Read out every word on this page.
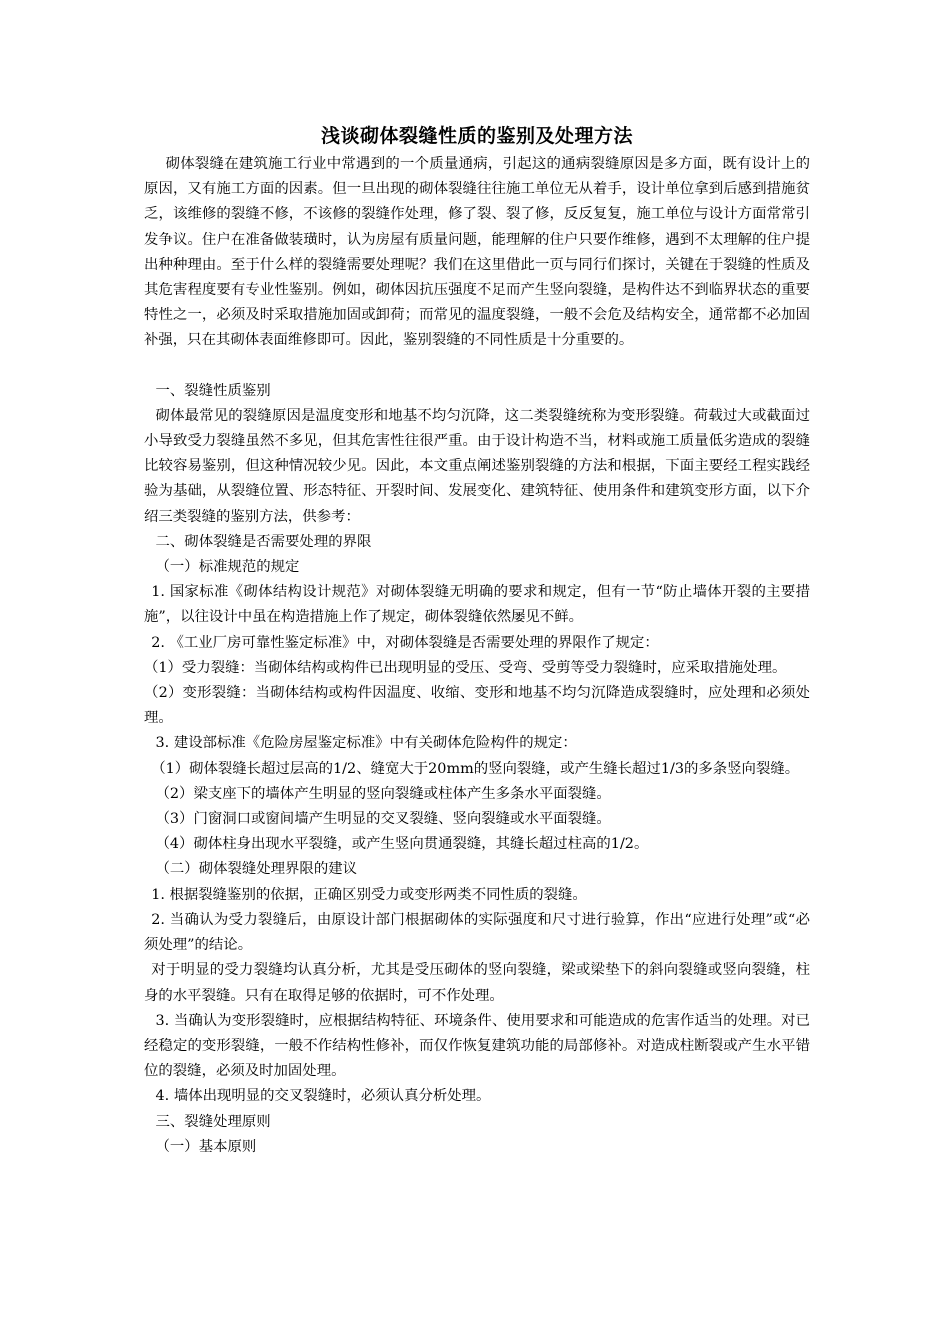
浅谈砌体裂缝性质的鉴别及处理方法

砌体裂缝在建筑施工行业中常遇到的一个质量通病，引起这的通病裂缝原因是多方面，既有设计上的原因，又有施工方面的因素。但一旦出现的砌体裂缝往往施工单位无从着手，设计单位拿到后感到措施贫乏，该维修的裂缝不修，不该修的裂缝作处理，修了裂、裂了修，反反复复，施工单位与设计方面常常引发争议。住户在准备做装璜时，认为房屋有质量问题，能理解的住户只要作维修，遇到不太理解的住户提出种种理由。至于什么样的裂缝需要处理呢？我们在这里借此一页与同行们探讨，关键在于裂缝的性质及其危害程度要有专业性鉴别。例如，砌体因抗压强度不足而产生竖向裂缝，是构件达不到临界状态的重要特性之一，必须及时采取措施加固或卸荷；而常见的温度裂缝，一般不会危及结构安全，通常都不必加固补强，只在其砌体表面维修即可。因此，鉴别裂缝的不同性质是十分重要的。

一、裂缝性质鉴别

砌体最常见的裂缝原因是温度变形和地基不均匀沉降，这二类裂缝统称为变形裂缝。荷载过大或截面过小导致受力裂缝虽然不多见，但其危害性往很严重。由于设计构造不当，材料或施工质量低劣造成的裂缝比较容易鉴别，但这种情况较少见。因此，本文重点阐述鉴别裂缝的方法和根据，下面主要经工程实践经验为基础，从裂缝位置、形态特征、开裂时间、发展变化、建筑特征、使用条件和建筑变形方面，以下介绍三类裂缝的鉴别方法，供参考：

二、砌体裂缝是否需要处理的界限

（一）标准规范的规定

1. 国家标准《砌体结构设计规范》对砌体裂缝无明确的要求和规定，但有一节“防止墙体开裂的主要措施”，以往设计中虽在构造措施上作了规定，砌体裂缝依然屡见不鲜。

2. 《工业厂房可靠性鉴定标准》中，对砌体裂缝是否需要处理的界限作了规定：

（1）受力裂缝：当砌体结构或构件已出现明显的受压、受弯、受剪等受力裂缝时，应采取措施处理。

（2）变形裂缝：当砌体结构或构件因温度、收缩、变形和地基不均匀沉降造成裂缝时，应处理和必须处理。

3. 建设部标准《危险房屋鉴定标准》中有关砌体危险构件的规定：

（1）砌体裂缝长超过层高的1/2、缝宽大于20mm的竖向裂缝，或产生缝长超过1/3的多条竖向裂缝。

（2）梁支座下的墙体产生明显的竖向裂缝或柱体产生多条水平面裂缝。

（3）门窗洞口或窗间墙产生明显的交叉裂缝、竖向裂缝或水平面裂缝。

（4）砌体柱身出现水平裂缝，或产生竖向贯通裂缝，其缝长超过柱高的1/2。

（二）砌体裂缝处理界限的建议

1. 根据裂缝鉴别的依据，正确区别受力或变形两类不同性质的裂缝。

2. 当确认为受力裂缝后，由原设计部门根据砌体的实际强度和尺寸进行验算，作出“应进行处理”或“必须处理”的结论。

对于明显的受力裂缝均认真分析，尤其是受压砌体的竖向裂缝，梁或梁垫下的斜向裂缝或竖向裂缝，柱身的水平裂缝。只有在取得足够的依据时，可不作处理。

3. 当确认为变形裂缝时，应根据结构特征、环境条件、使用要求和可能造成的危害作适当的处理。对已经稳定的变形裂缝，一般不作结构性修补，而仅作恢复建筑功能的局部修补。对造成柱断裂或产生水平错位的裂缝，必须及时加固处理。

4. 墙体出现明显的交叉裂缝时，必须认真分析处理。

三、裂缝处理原则

（一）基本原则
